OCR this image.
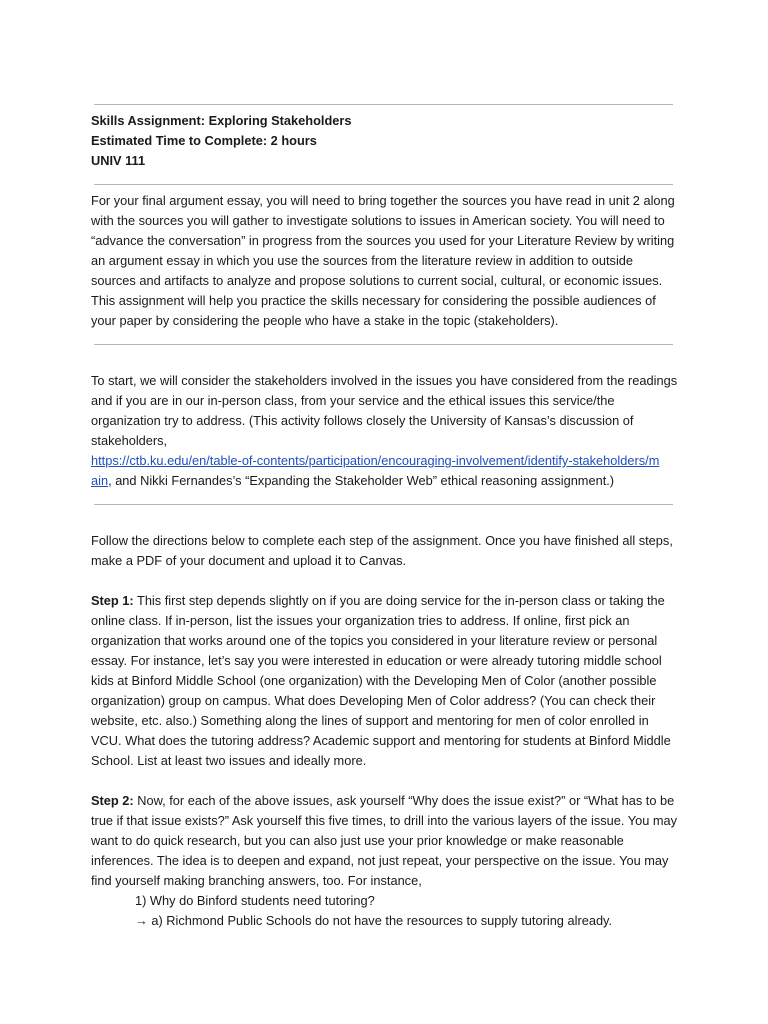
Skills Assignment: Exploring Stakeholders
Estimated Time to Complete: 2 hours
UNIV 111

For your final argument essay, you will need to bring together the sources you have read in unit 2 along with the sources you will gather to investigate solutions to issues in American society. You will need to “advance the conversation” in progress from the sources you used for your Literature Review by writing an argument essay in which you use the sources from the literature review in addition to outside sources and artifacts to analyze and propose solutions to current social, cultural, or economic issues. This assignment will help you practice the skills necessary for considering the possible audiences of your paper by considering the people who have a stake in the topic (stakeholders).

To start, we will consider the stakeholders involved in the issues you have considered from the readings and if you are in our in-person class, from your service and the ethical issues this service/the organization try to address. (This activity follows closely the University of Kansas’s discussion of stakeholders,
https://ctb.ku.edu/en/table-of-contents/participation/encouraging-involvement/identify-stakeholders/m
ain, and Nikki Fernandes’s “Expanding the Stakeholder Web” ethical reasoning assignment.)

Follow the directions below to complete each step of the assignment. Once you have finished all steps, make a PDF of your document and upload it to Canvas.

Step 1: This first step depends slightly on if you are doing service for the in-person class or taking the online class. If in-person, list the issues your organization tries to address. If online, first pick an organization that works around one of the topics you considered in your literature review or personal essay. For instance, let’s say you were interested in education or were already tutoring middle school kids at Binford Middle School (one organization) with the Developing Men of Color (another possible organization) group on campus. What does Developing Men of Color address? (You can check their website, etc. also.) Something along the lines of support and mentoring for men of color enrolled in VCU. What does the tutoring address? Academic support and mentoring for students at Binford Middle School. List at least two issues and ideally more.

Step 2: Now, for each of the above issues, ask yourself “Why does the issue exist?” or “What has to be true if that issue exists?” Ask yourself this five times, to drill into the various layers of the issue. You may want to do quick research, but you can also just use your prior knowledge or make reasonable inferences. The idea is to deepen and expand, not just repeat, your perspective on the issue. You may find yourself making branching answers, too. For instance,

1) Why do Binford students need tutoring?
→ a) Richmond Public Schools do not have the resources to supply tutoring already.
